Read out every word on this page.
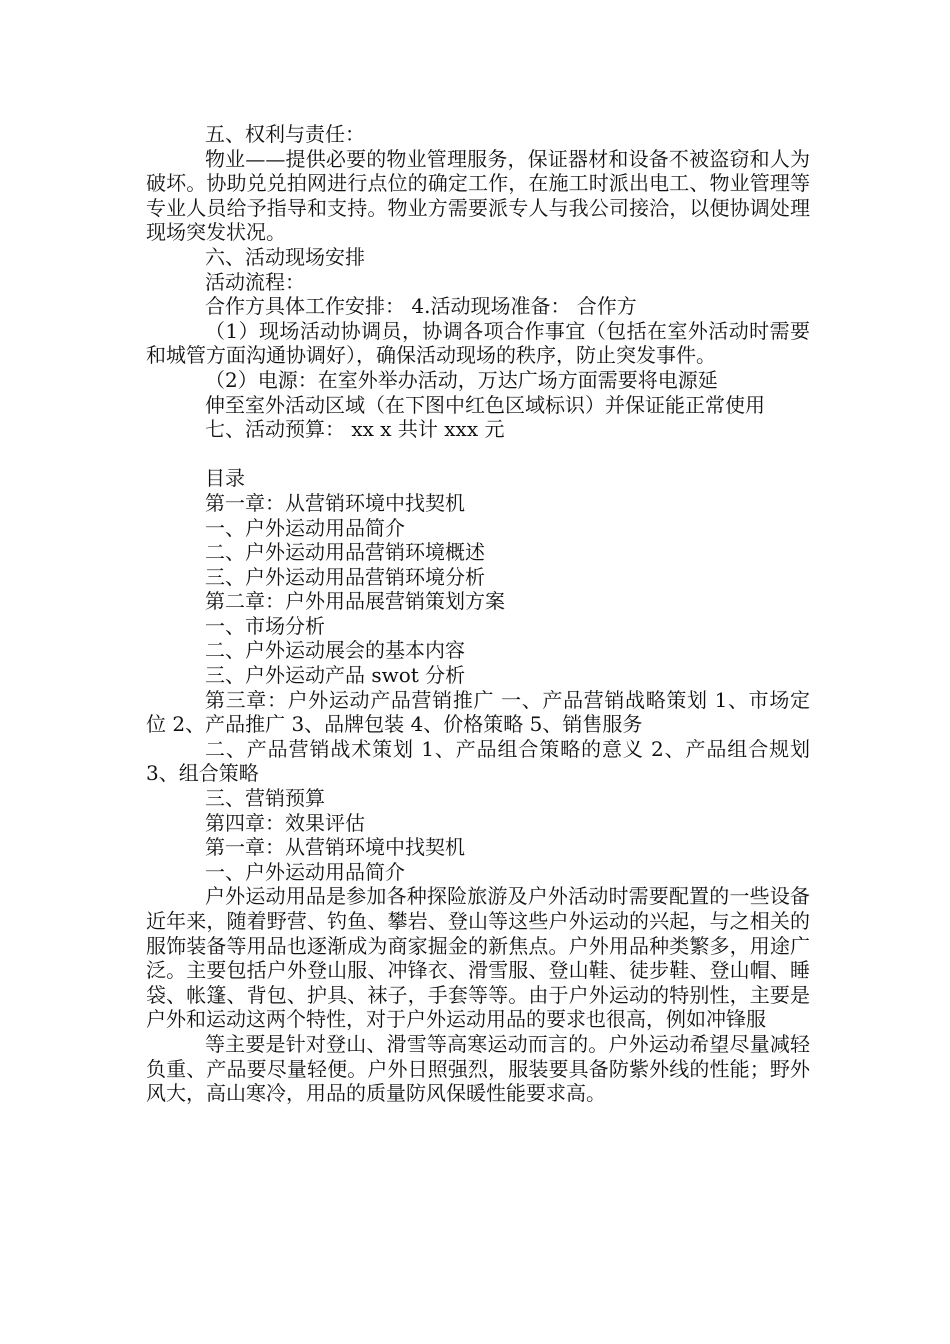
五、权利与责任：

物业——提供必要的物业管理服务，保证器材和设备不被盗窃和人为破坏。协助兑兑拍网进行点位的确定工作，在施工时派出电工、物业管理等专业人员给予指导和支持。物业方需要派专人与我公司接洽，以便协调处理现场突发状况。

六、活动现场安排

活动流程：

合作方具体工作安排： 4.活动现场准备： 合作方

（1）现场活动协调员，协调各项合作事宜（包括在室外活动时需要和城管方面沟通协调好），确保活动现场的秩序，防止突发事件。

（2）电源：在室外举办活动，万达广场方面需要将电源延

伸至室外活动区域（在下图中红色区域标识）并保证能正常使用

七、活动预算： xx x 共计 xxx 元

目录

第一章：从营销环境中找契机

一、户外运动用品简介

二、户外运动用品营销环境概述

三、户外运动用品营销环境分析

第二章：户外用品展营销策划方案

一、市场分析

二、户外运动展会的基本内容

三、户外运动产品 swot 分析

第三章：户外运动产品营销推广 一、产品营销战略策划 1、市场定位 2、产品推广 3、品牌包装 4、价格策略 5、销售服务

二、产品营销战术策划 1、产品组合策略的意义 2、产品组合规划 3、组合策略

三、营销预算

第四章：效果评估

第一章：从营销环境中找契机

一、户外运动用品简介

户外运动用品是参加各种探险旅游及户外活动时需要配置的一些设备近年来，随着野营、钓鱼、攀岩、登山等这些户外运动的兴起，与之相关的服饰装备等用品也逐渐成为商家掘金的新焦点。户外用品种类繁多，用途广泛。主要包括户外登山服、冲锋衣、滑雪服、登山鞋、徒步鞋、登山帽、睡袋、帐篷、背包、护具、袜子，手套等等。由于户外运动的特别性，主要是户外和运动这两个特性，对于户外运动用品的要求也很高，例如冲锋服

等主要是针对登山、滑雪等高寒运动而言的。户外运动希望尽量减轻负重、产品要尽量轻便。户外日照强烈，服装要具备防紫外线的性能；野外风大，高山寒冷，用品的质量防风保暖性能要求高。
